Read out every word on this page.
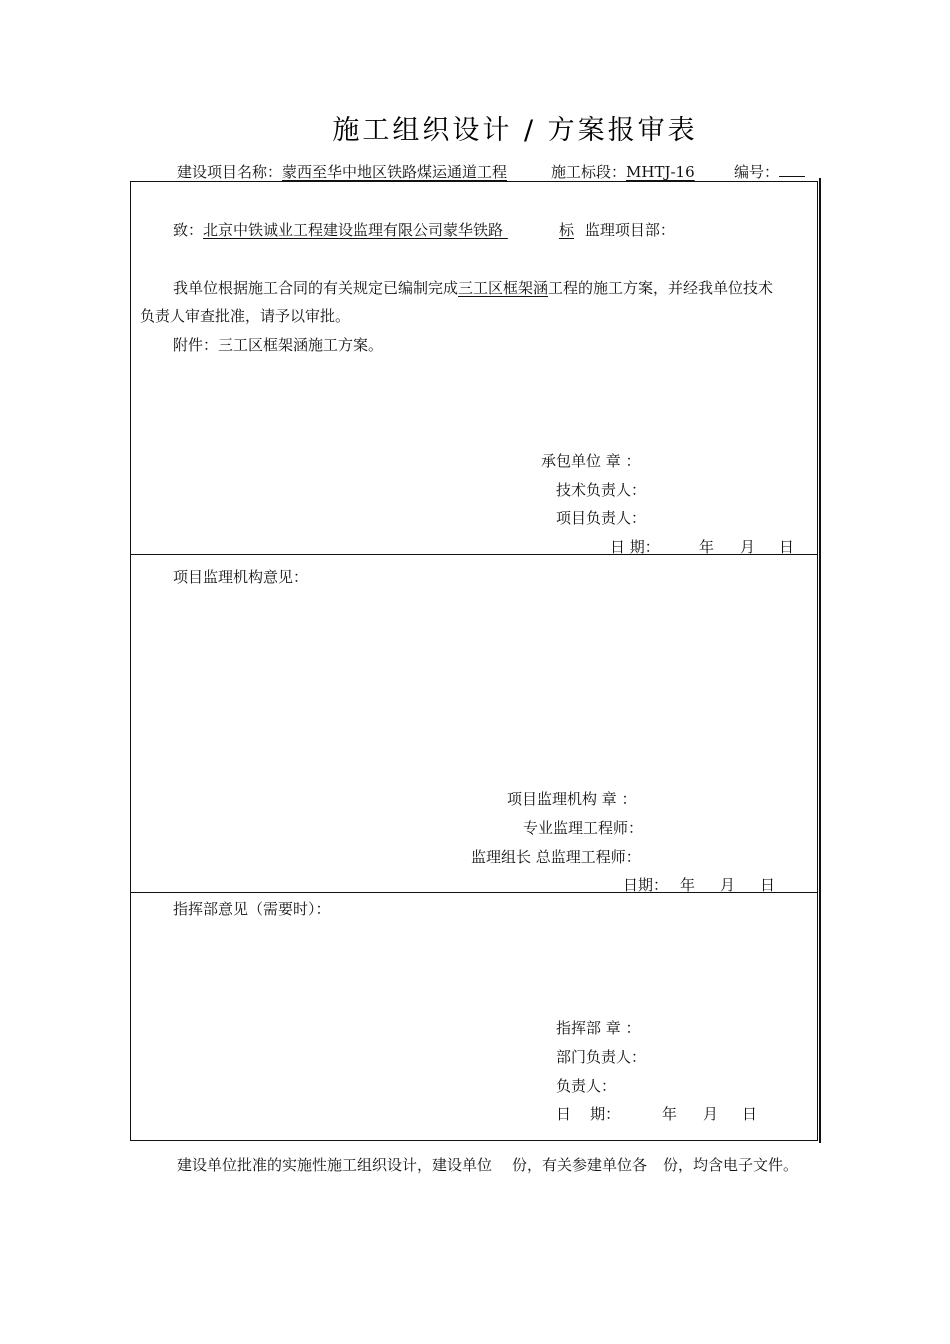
施工组织设计 / 方案报审表
建设项目名称：蒙西至华中地区铁路煤运通道工程	施工标段：MHTJ-16	编号：
致：北京中铁诚业工程建设监理有限公司蒙华铁路	标 监理项目部：
我单位根据施工合同的有关规定已编制完成三工区框架涵工程的施工方案，并经我单位技术
负责人审查批准，请予以审批。
附件：三工区框架涵施工方案。
承包单位 章 ：
技术负责人：
项目负责人：
日 期：	年 月 日
项目监理机构意见：
项目监理机构 章 ：
专业监理工程师：
监理组长 总监理工程师：
日期： 年 月 日
指挥部意见（需要时）：
指挥部 章 ：
部门负责人：
负责人：
日    期：	年 月 日
建设单位批准的实施性施工组织设计，建设单位 份，有关参建单位各 份，均含电子文件。
